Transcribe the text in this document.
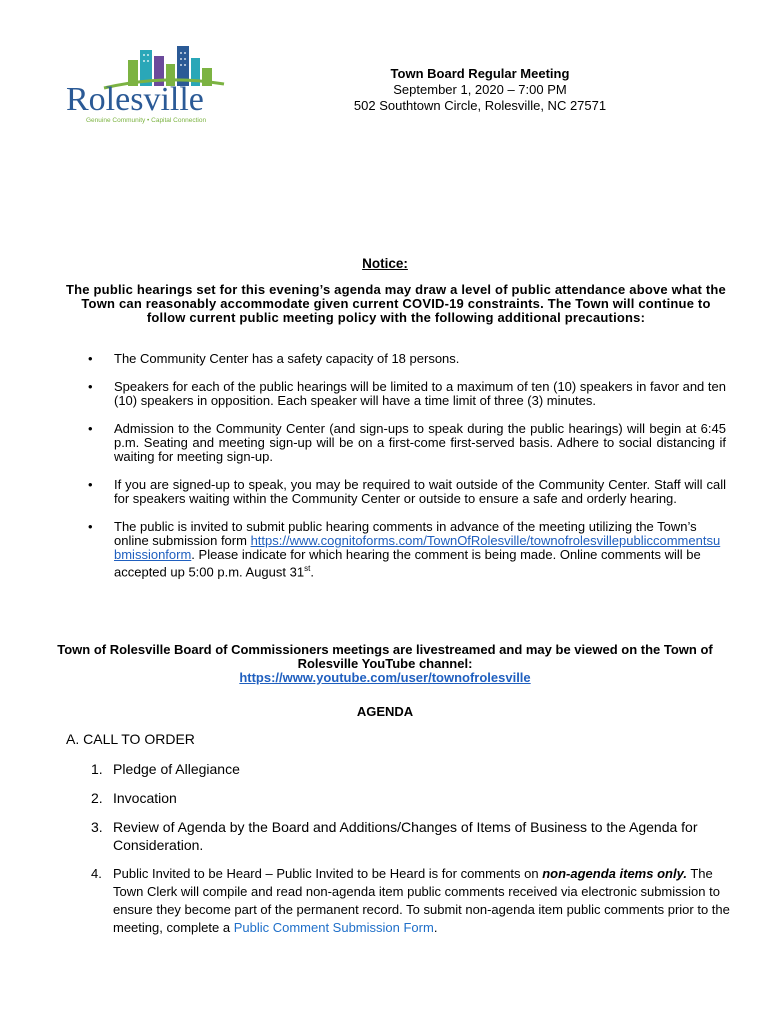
Rolesville
Genuine Community • Capital Connection
Town Board Regular Meeting
September 1, 2020 – 7:00 PM
502 Southtown Circle, Rolesville, NC 27571
Notice:
The public hearings set for this evening’s agenda may draw a level of public attendance above what the Town can reasonably accommodate given current COVID-19 constraints. The Town will continue to follow current public meeting policy with the following additional precautions:
• The Community Center has a safety capacity of 18 persons.
• Speakers for each of the public hearings will be limited to a maximum of ten (10) speakers in favor and ten (10) speakers in opposition. Each speaker will have a time limit of three (3) minutes.
• Admission to the Community Center (and sign-ups to speak during the public hearings) will begin at 6:45 p.m. Seating and meeting sign-up will be on a first-come first-served basis. Adhere to social distancing if waiting for meeting sign-up.
• If you are signed-up to speak, you may be required to wait outside of the Community Center. Staff will call for speakers waiting within the Community Center or outside to ensure a safe and orderly hearing.
• The public is invited to submit public hearing comments in advance of the meeting utilizing the Town’s online submission form https://www.cognitoforms.com/TownOfRolesville/townofrolesvillepubliccommentsubmissionform. Please indicate for which hearing the comment is being made. Online comments will be accepted up 5:00 p.m. August 31st.
Town of Rolesville Board of Commissioners meetings are livestreamed and may be viewed on the Town of Rolesville YouTube channel:
https://www.youtube.com/user/townofrolesville
AGENDA
A. CALL TO ORDER
1. Pledge of Allegiance
2. Invocation
3. Review of Agenda by the Board and Additions/Changes of Items of Business to the Agenda for Consideration.
4. Public Invited to be Heard – Public Invited to be Heard is for comments on non-agenda items only. The Town Clerk will compile and read non-agenda item public comments received via electronic submission to ensure they become part of the permanent record. To submit non-agenda item public comments prior to the meeting, complete a Public Comment Submission Form.
